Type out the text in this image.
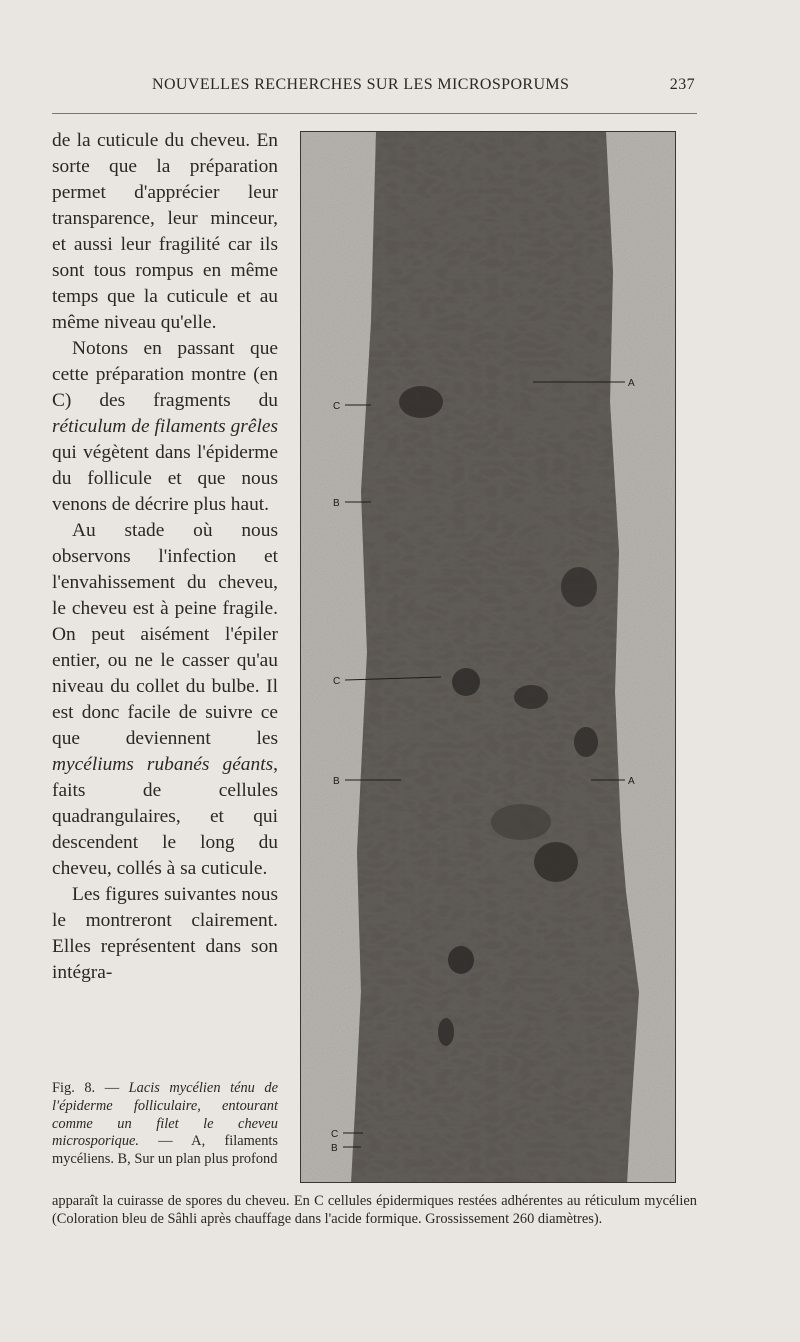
NOUVELLES RECHERCHES SUR LES MICROSPORUMS	237

de la cuticule du cheveu. En sorte que la préparation permet d'apprécier leur transparence, leur minceur, et aussi leur fragilité car ils sont tous rompus en même temps que la cuticule et au même niveau qu'elle.

Notons en passant que cette préparation montre (en C) des fragments du réticulum de filaments grêles qui végètent dans l'épiderme du follicule et que nous venons de décrire plus haut.

Au stade où nous observons l'infection et l'envahissement du cheveu, le cheveu est à peine fragile. On peut aisément l'épiler entier, ou ne le casser qu'au niveau du collet du bulbe. Il est donc facile de suivre ce que deviennent les mycéliums rubanés géants, faits de cellules quadrangulaires, et qui descendent le long du cheveu, collés à sa cuticule.

Les figures suivantes nous le montreront clairement. Elles représentent dans son intégra-

A
C
B
C
B	A
C
B
Fig. 8. — Lacis mycélien ténu de l'épiderme folliculaire, entourant comme un filet le cheveu microsporique. — A, filaments mycéliens. B, Sur un plan plus profond
apparaît la cuirasse de spores du cheveu. En C cellules épidermiques restées adhérentes au réticulum mycélien (Coloration bleu de Sâhli après chauffage dans l'acide formique. Grossissement 260 diamètres).
